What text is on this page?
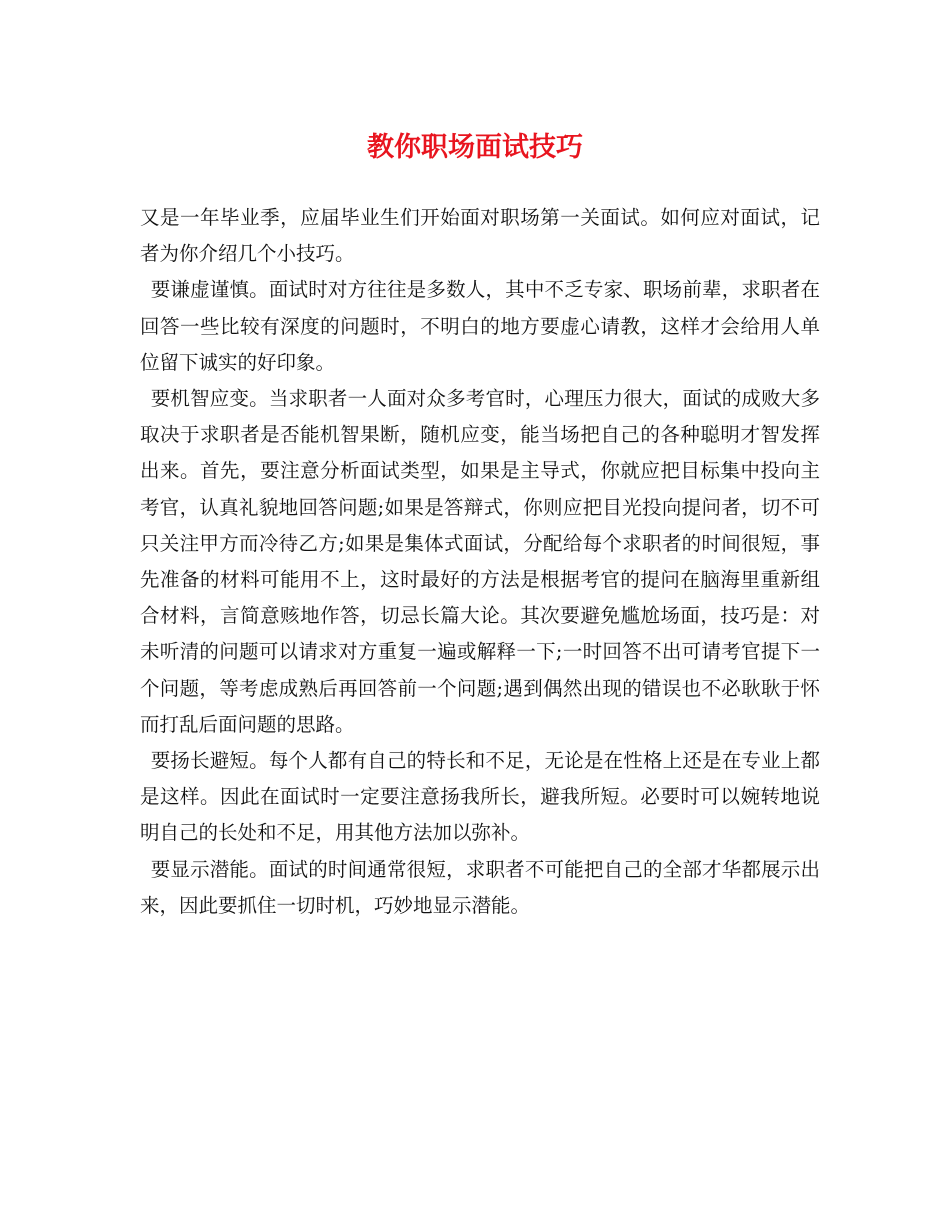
教你职场面试技巧

又是一年毕业季，应届毕业生们开始面对职场第一关面试。如何应对面试，记者为你介绍几个小技巧。

要谦虚谨慎。面试时对方往往是多数人，其中不乏专家、职场前辈，求职者在回答一些比较有深度的问题时，不明白的地方要虚心请教，这样才会给用人单位留下诚实的好印象。

要机智应变。当求职者一人面对众多考官时，心理压力很大，面试的成败大多取决于求职者是否能机智果断，随机应变，能当场把自己的各种聪明才智发挥出来。首先，要注意分析面试类型，如果是主导式，你就应把目标集中投向主考官，认真礼貌地回答问题;如果是答辩式，你则应把目光投向提问者，切不可只关注甲方而冷待乙方;如果是集体式面试，分配给每个求职者的时间很短，事先准备的材料可能用不上，这时最好的方法是根据考官的提问在脑海里重新组合材料，言简意赅地作答，切忌长篇大论。其次要避免尴尬场面，技巧是：对未听清的问题可以请求对方重复一遍或解释一下;一时回答不出可请考官提下一个问题，等考虑成熟后再回答前一个问题;遇到偶然出现的错误也不必耿耿于怀而打乱后面问题的思路。

要扬长避短。每个人都有自己的特长和不足，无论是在性格上还是在专业上都是这样。因此在面试时一定要注意扬我所长，避我所短。必要时可以婉转地说明自己的长处和不足，用其他方法加以弥补。

要显示潜能。面试的时间通常很短，求职者不可能把自己的全部才华都展示出来，因此要抓住一切时机，巧妙地显示潜能。
